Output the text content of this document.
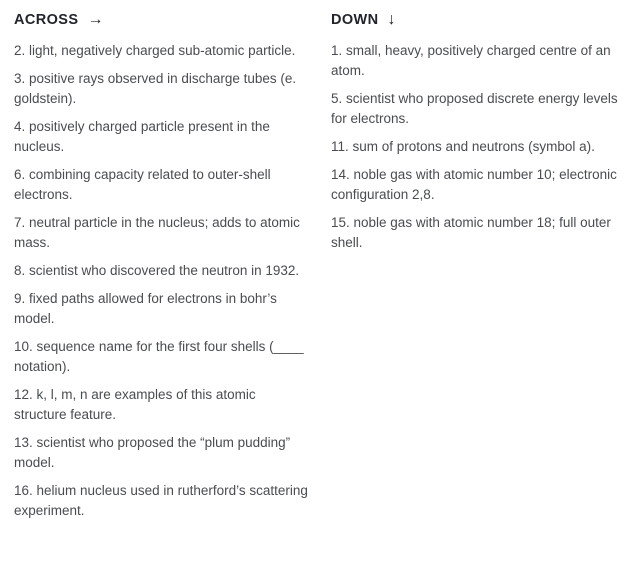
ACROSS →

2. light, negatively charged sub-atomic particle.

3. positive rays observed in discharge tubes (e. goldstein).

4. positively charged particle present in the nucleus.

6. combining capacity related to outer-shell electrons.

7. neutral particle in the nucleus; adds to atomic mass.

8. scientist who discovered the neutron in 1932.

9. fixed paths allowed for electrons in bohr’s model.

10. sequence name for the first four shells (____ notation).

12. k, l, m, n are examples of this atomic structure feature.

13. scientist who proposed the “plum pudding” model.

16. helium nucleus used in rutherford’s scattering experiment.

DOWN ↓

1. small, heavy, positively charged centre of an atom.

5. scientist who proposed discrete energy levels for electrons.

11. sum of protons and neutrons (symbol a).

14. noble gas with atomic number 10; electronic configuration 2,8.

15. noble gas with atomic number 18; full outer shell.
